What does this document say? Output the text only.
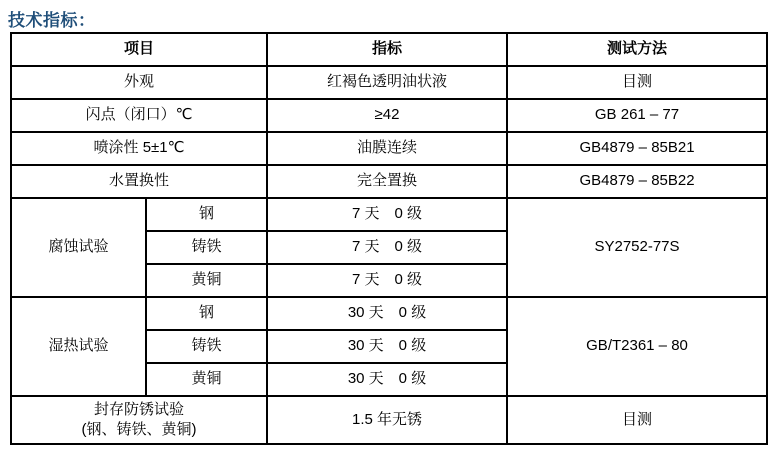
技术指标：
项目		指标	测试方法
外观		红褐色透明油状液	目测
闪点（闭口）℃		≥42	GB 261 – 77
喷涂性 5±1℃		油膜连续	GB4879 – 85B21
水置换性		完全置换	GB4879 – 85B22
腐蚀试验	钢	7 天　0 级	SY2752-77S
	铸铁	7 天　0 级	
	黄铜	7 天　0 级	
湿热试验	钢	30 天　0 级	GB/T2361 – 80
	铸铁	30 天　0 级	
	黄铜	30 天　0 级	

封存防锈试验
(钢、铸铁、黄铜)		1.5 年无锈	目测
